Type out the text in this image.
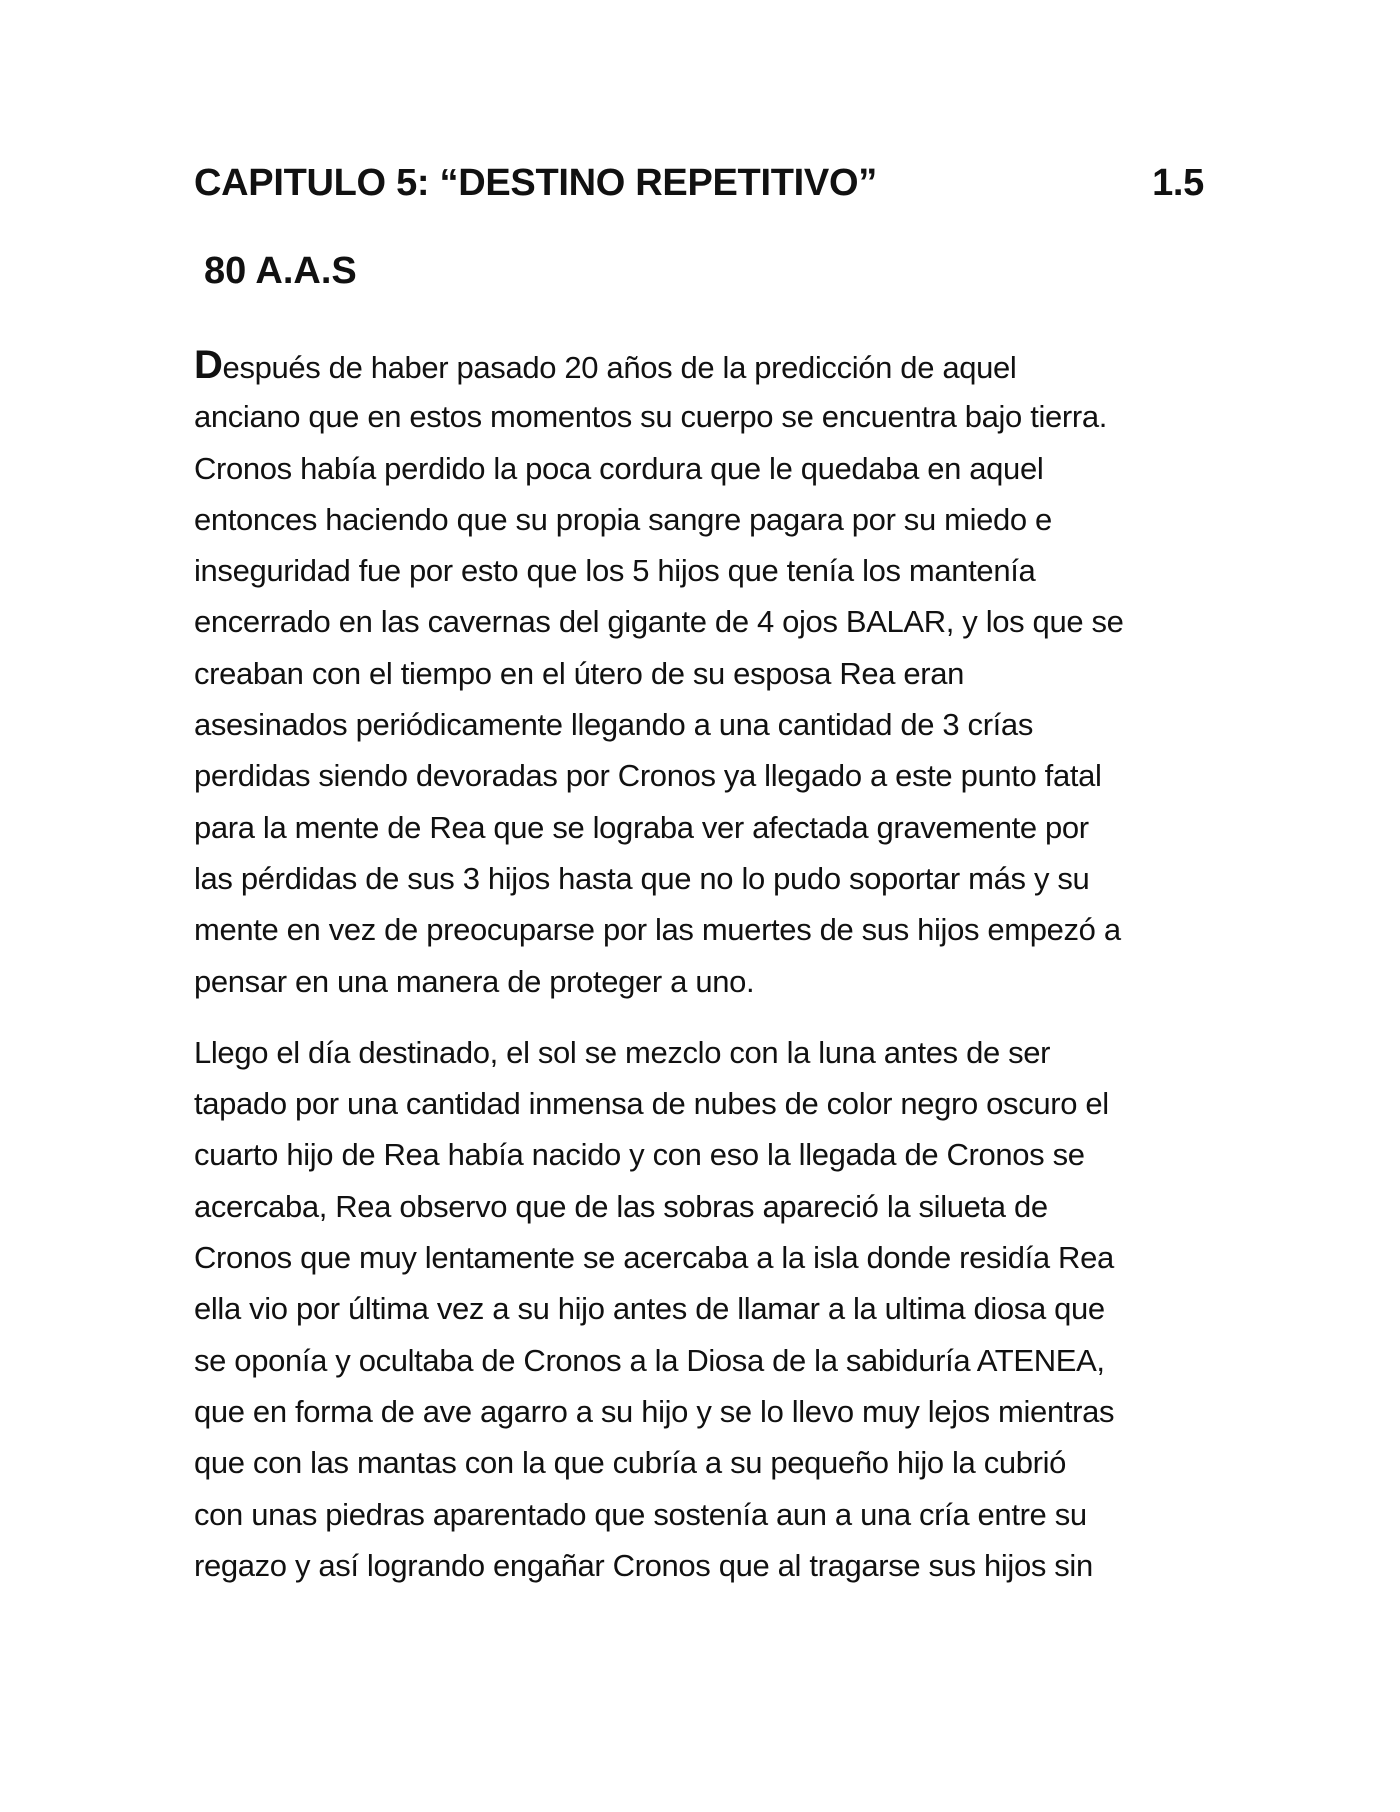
CAPITULO 5: “DESTINO REPETITIVO”	1.5
80 A.A.S
Después de haber pasado 20 años de la predicción de aquel
anciano que en estos momentos su cuerpo se encuentra bajo tierra.
Cronos había perdido la poca cordura que le quedaba en aquel
entonces haciendo que su propia sangre pagara por su miedo e
inseguridad fue por esto que los 5 hijos que tenía los mantenía
encerrado en las cavernas del gigante de 4 ojos BALAR, y los que se
creaban con el tiempo en el útero de su esposa Rea eran
asesinados periódicamente llegando a una cantidad de 3 crías
perdidas siendo devoradas por Cronos ya llegado a este punto fatal
para la mente de Rea que se lograba ver afectada gravemente por
las pérdidas de sus 3 hijos hasta que no lo pudo soportar más y su
mente en vez de preocuparse por las muertes de sus hijos empezó a
pensar en una manera de proteger a uno.
Llego el día destinado, el sol se mezclo con la luna antes de ser
tapado por una cantidad inmensa de nubes de color negro oscuro el
cuarto hijo de Rea había nacido y con eso la llegada de Cronos se
acercaba, Rea observo que de las sobras apareció la silueta de
Cronos que muy lentamente se acercaba a la isla donde residía Rea
ella vio por última vez a su hijo antes de llamar a la ultima diosa que
se oponía y ocultaba de Cronos a la Diosa de la sabiduría ATENEA,
que en forma de ave agarro a su hijo y se lo llevo muy lejos mientras
que con las mantas con la que cubría a su pequeño hijo la cubrió
con unas piedras aparentado que sostenía aun a una cría entre su
regazo y así logrando engañar Cronos que al tragarse sus hijos sin
